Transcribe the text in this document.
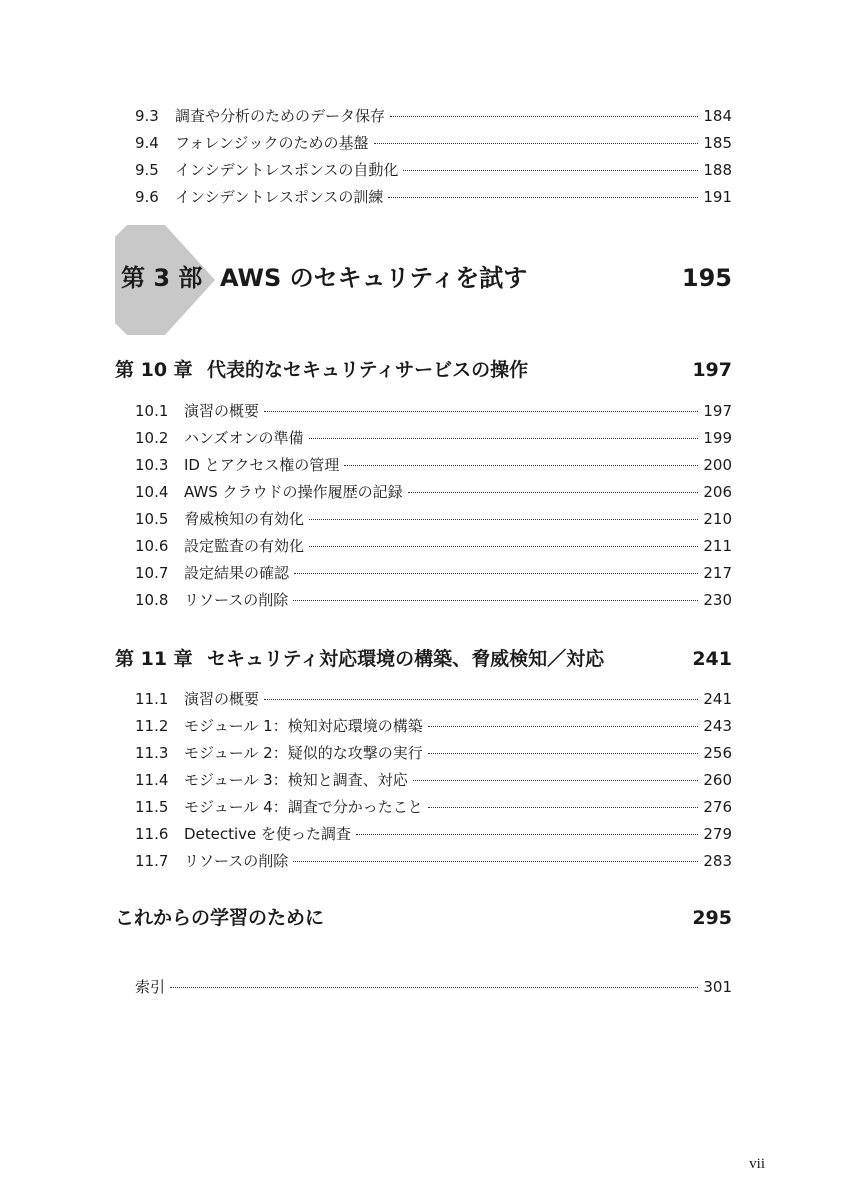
9.3	調査や分析のためのデータ保存	184
9.4	フォレンジックのための基盤	185
9.5	インシデントレスポンスの自動化	188
9.6	インシデントレスポンスの訓練	191
第 3 部 AWS のセキュリティを試す	195
第 10 章 代表的なセキュリティサービスの操作	197
10.1	演習の概要	197
10.2	ハンズオンの準備	199
10.3	ID とアクセス権の管理	200
10.4	AWS クラウドの操作履歴の記録	206
10.5	脅威検知の有効化	210
10.6	設定監査の有効化	211
10.7	設定結果の確認	217
10.8	リソースの削除	230
第 11 章 セキュリティ対応環境の構築、脅威検知／対応	241
11.1	演習の概要	241
11.2	モジュール 1：検知対応環境の構築	243
11.3	モジュール 2：疑似的な攻撃の実行	256
11.4	モジュール 3：検知と調査、対応	260
11.5	モジュール 4：調査で分かったこと	276
11.6	Detective を使った調査	279
11.7	リソースの削除	283
これからの学習のために	295
索引	301
vii
